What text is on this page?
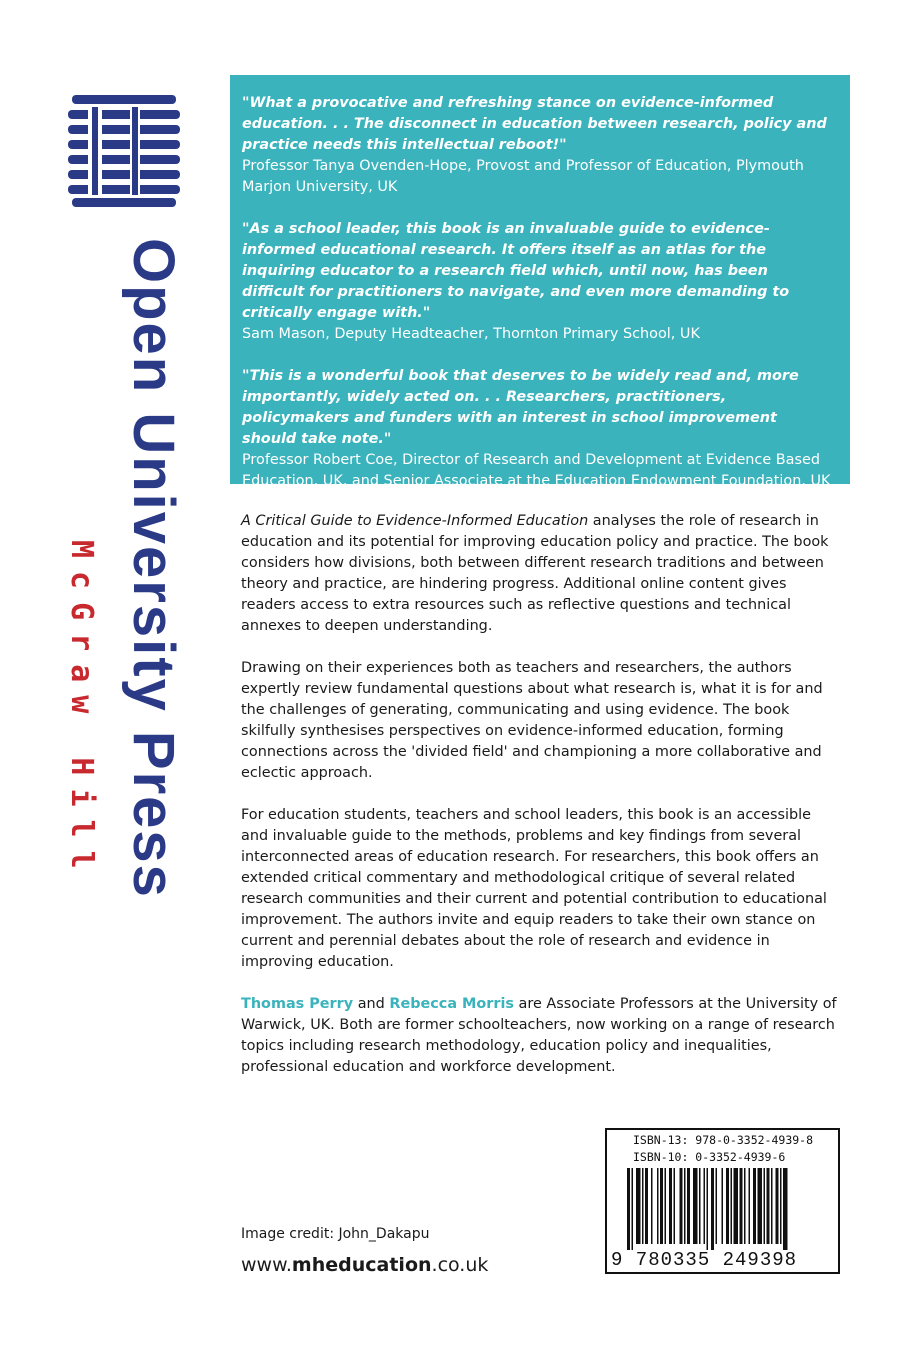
Open University Press
McGraw Hill
"What a provocative and refreshing stance on evidence-informed education. . . The disconnect in education between research, policy and practice needs this intellectual reboot!"
Professor Tanya Ovenden-Hope, Provost and Professor of Education, Plymouth Marjon University, UK
"As a school leader, this book is an invaluable guide to evidence-informed educational research. It offers itself as an atlas for the inquiring educator to a research field which, until now, has been difficult for practitioners to navigate, and even more demanding to critically engage with."
Sam Mason, Deputy Headteacher, Thornton Primary School, UK
"This is a wonderful book that deserves to be widely read and, more importantly, widely acted on. . . Researchers, practitioners, policymakers and funders with an interest in school improvement should take note."
Professor Robert Coe, Director of Research and Development at Evidence Based Education, UK, and Senior Associate at the Education Endowment Foundation, UK

A Critical Guide to Evidence-Informed Education analyses the role of research in education and its potential for improving education policy and practice. The book considers how divisions, both between different research traditions and between theory and practice, are hindering progress. Additional online content gives readers access to extra resources such as reflective questions and technical annexes to deepen understanding.

Drawing on their experiences both as teachers and researchers, the authors expertly review fundamental questions about what research is, what it is for and the challenges of generating, communicating and using evidence. The book skilfully synthesises perspectives on evidence-informed education, forming connections across the 'divided field' and championing a more collaborative and eclectic approach.

For education students, teachers and school leaders, this book is an accessible and invaluable guide to the methods, problems and key findings from several interconnected areas of education research. For researchers, this book offers an extended critical commentary and methodological critique of several related research communities and their current and potential contribution to educational improvement. The authors invite and equip readers to take their own stance on current and perennial debates about the role of research and evidence in improving education.

Thomas Perry and Rebecca Morris are Associate Professors at the University of Warwick, UK. Both are former schoolteachers, now working on a range of research topics including research methodology, education policy and inequalities, professional education and workforce development.

Image credit: John_Dakapu
www.mheducation.co.uk
ISBN-13: 978-0-3352-4939-8
ISBN-10: 0-3352-4939-6
9 780335 249398
